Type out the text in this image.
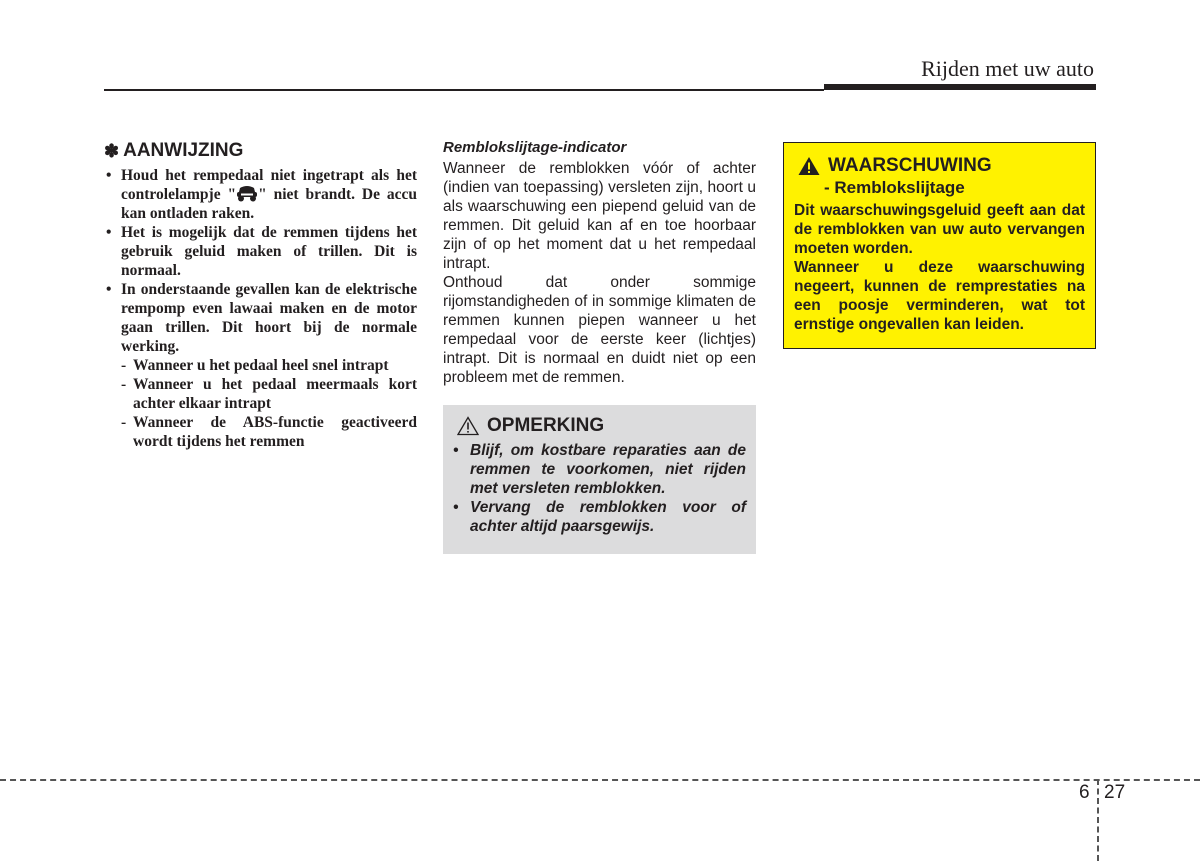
Rijden met uw auto
✽ AANWIJZING
• Houd het rempedaal niet ingetrapt als het controlelampje " " niet brandt. De accu kan ontladen raken.
• Het is mogelijk dat de remmen tijdens het gebruik geluid maken of trillen. Dit is normaal.
• In onderstaande gevallen kan de elektrische rempomp even lawaai maken en de motor gaan trillen. Dit hoort bij de normale werking.
- Wanneer u het pedaal heel snel intrapt
- Wanneer u het pedaal meermaals kort achter elkaar intrapt
- Wanneer de ABS-functie geactiveerd wordt tijdens het remmen
Remblokslijtage-indicator

Wanneer de remblokken vóór of achter (indien van toepassing) versleten zijn, hoort u als waarschuwing een piepend geluid van de remmen. Dit geluid kan af en toe hoorbaar zijn of op het moment dat u het rempedaal intrapt.

Onthoud dat onder sommige rijomstandigheden of in sommige klimaten de remmen kunnen piepen wanneer u het rempedaal voor de eerste keer (lichtjes) intrapt. Dit is normaal en duidt niet op een probleem met de remmen.

OPMERKING
• Blijf, om kostbare reparaties aan de remmen te voorkomen, niet rijden met versleten remblokken.
• Vervang de remblokken voor of achter altijd paarsgewijs.
WAARSCHUWING
- Remblokslijtage

Dit waarschuwingsgeluid geeft aan dat de remblokken van uw auto vervangen moeten worden.

Wanneer u deze waarschuwing negeert, kunnen de remprestaties na een poosje verminderen, wat tot ernstige ongevallen kan leiden.

6 27
